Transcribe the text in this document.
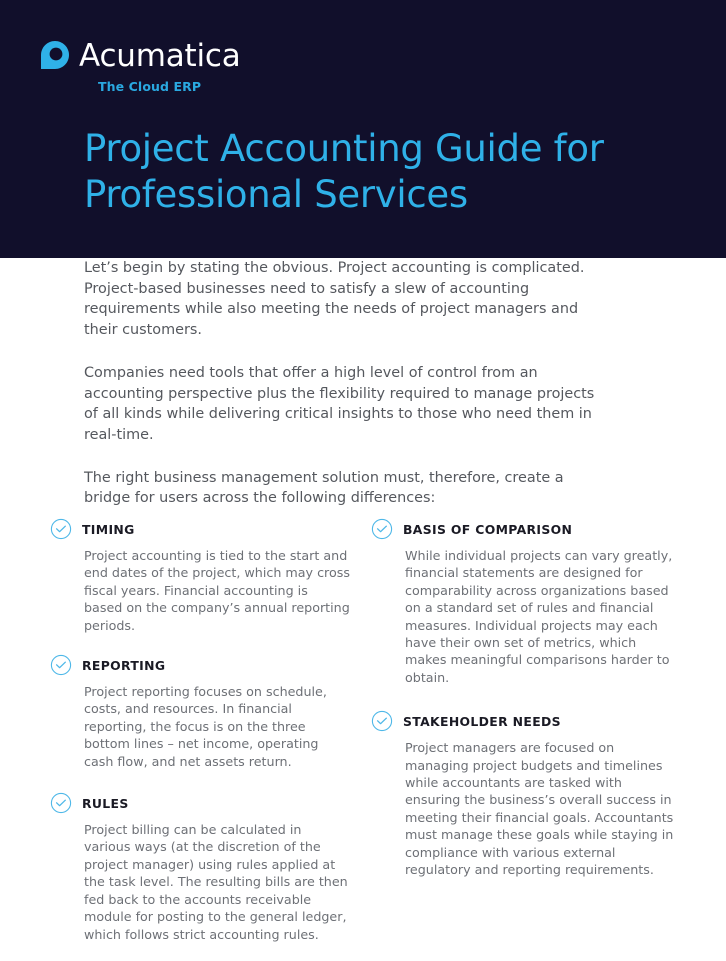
Acumatica
The Cloud ERP
Project Accounting Guide for Professional Services

Let’s begin by stating the obvious. Project accounting is complicated. Project-based businesses need to satisfy a slew of accounting requirements while also meeting the needs of project managers and their customers.

Companies need tools that offer a high level of control from an accounting perspective plus the flexibility required to manage projects of all kinds while delivering critical insights to those who need them in real-time.

The right business management solution must, therefore, create a bridge for users across the following differences:

TIMING
Project accounting is tied to the start and end dates of the project, which may cross fiscal years. Financial accounting is based on the company’s annual reporting periods.
REPORTING
Project reporting focuses on schedule, costs, and resources. In financial reporting, the focus is on the three bottom lines – net income, operating cash flow, and net assets return.
RULES
Project billing can be calculated in various ways (at the discretion of the project manager) using rules applied at the task level. The resulting bills are then fed back to the accounts receivable module for posting to the general ledger, which follows strict accounting rules.
BASIS OF COMPARISON
While individual projects can vary greatly, financial statements are designed for comparability across organizations based on a standard set of rules and financial measures. Individual projects may each have their own set of metrics, which makes meaningful comparisons harder to obtain.
STAKEHOLDER NEEDS
Project managers are focused on managing project budgets and timelines while accountants are tasked with ensuring the business’s overall success in meeting their financial goals. Accountants must manage these goals while staying in compliance with various external regulatory and reporting requirements.
